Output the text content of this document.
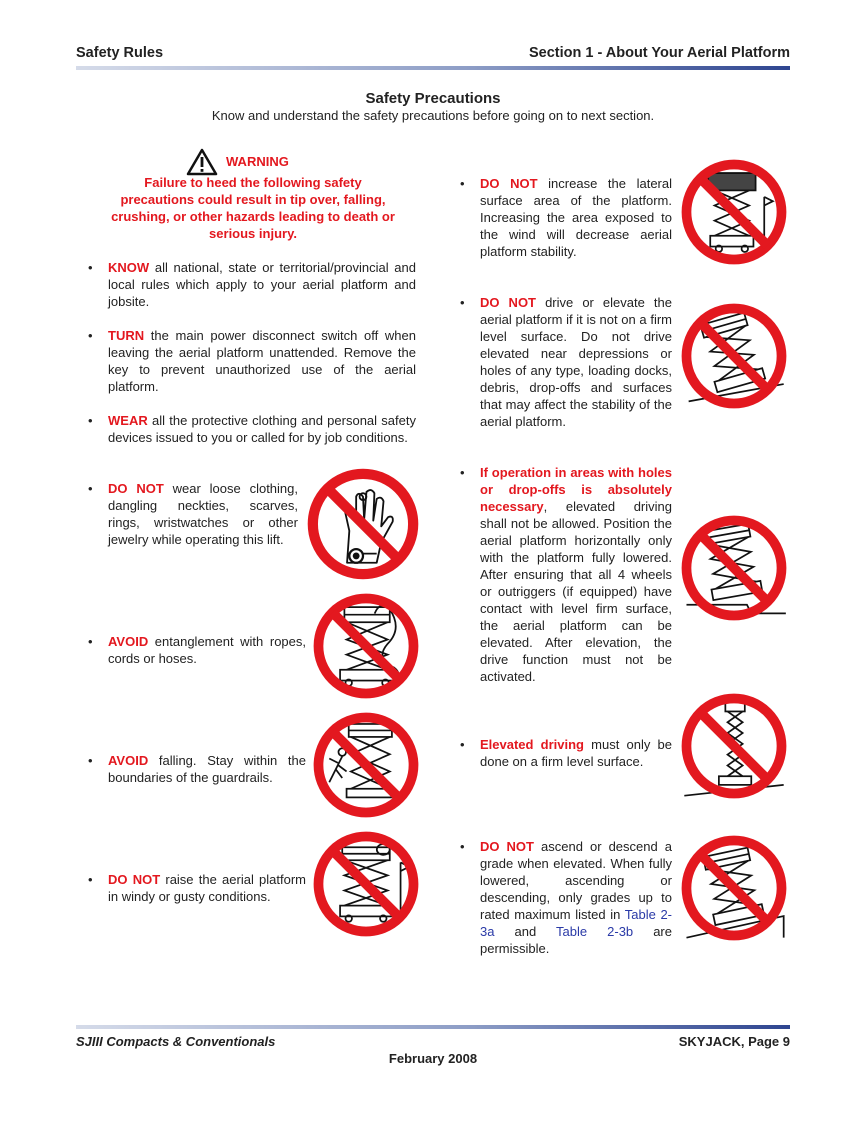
Safety Rules	Section 1 - About Your Aerial Platform
Safety Precautions
Know and understand the safety precautions before going on to next section.
WARNING
Failure to heed the following safety precautions could result in tip over, falling, crushing, or other hazards leading to death or serious injury.
• KNOW all national, state or territorial/provincial and local rules which apply to your aerial platform and jobsite.
• TURN the main power disconnect switch off when leaving the aerial platform unattended. Remove the key to prevent unauthorized use of the aerial platform.
• WEAR all the protective clothing and personal safety devices issued to you or called for by job conditions.
• DO NOT wear loose clothing, dangling neckties, scarves, rings, wristwatches or other jewelry while operating this lift.
• AVOID entanglement with ropes, cords or hoses.
• AVOID falling. Stay within the boundaries of the guardrails.
• DO NOT raise the aerial platform in windy or gusty conditions.
• DO NOT increase the lateral surface area of the platform. Increasing the area exposed to the wind will decrease aerial platform stability.
• DO NOT drive or elevate the aerial platform if it is not on a firm level surface. Do not drive elevated near depressions or holes of any type, loading docks, debris, drop-offs and surfaces that may affect the stability of the aerial platform.
• If operation in areas with holes or drop-offs is absolutely necessary, elevated driving shall not be allowed. Position the aerial platform horizontally only with the platform fully lowered. After ensuring that all 4 wheels or outriggers (if equipped) have contact with level firm surface, the aerial platform can be elevated. After elevation, the drive function must not be activated.
• Elevated driving must only be done on a firm level surface.
• DO NOT ascend or descend a grade when elevated. When fully lowered, ascending or descending, only grades up to rated maximum listed in Table 2-3a and Table 2-3b are permissible.
SJIII Compacts & Conventionals	SKYJACK, Page 9
February 2008
